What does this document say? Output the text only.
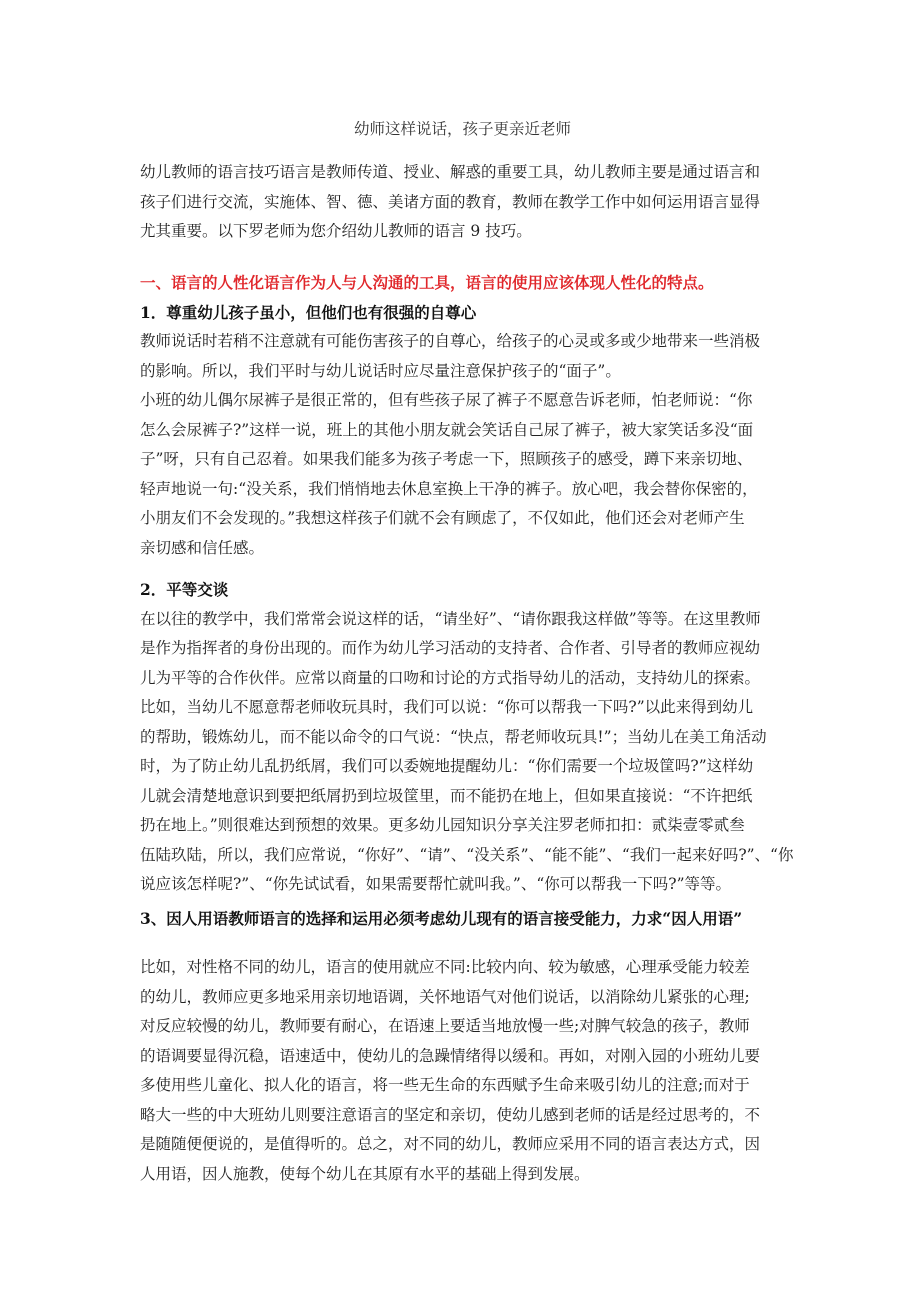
幼师这样说话，孩子更亲近老师
幼儿教师的语言技巧语言是教师传道、授业、解惑的重要工具，幼儿教师主要是通过语言和
孩子们进行交流，实施体、智、德、美诸方面的教育，教师在教学工作中如何运用语言显得
尤其重要。以下罗老师为您介绍幼儿教师的语言 9 技巧。
一、语言的人性化语言作为人与人沟通的工具，语言的使用应该体现人性化的特点。
1．尊重幼儿孩子虽小，但他们也有很强的自尊心
教师说话时若稍不注意就有可能伤害孩子的自尊心，给孩子的心灵或多或少地带来一些消极
的影响。所以，我们平时与幼儿说话时应尽量注意保护孩子的“面子”。
小班的幼儿偶尔尿裤子是很正常的，但有些孩子尿了裤子不愿意告诉老师，怕老师说：“你
怎么会尿裤子?”这样一说，班上的其他小朋友就会笑话自己尿了裤子，被大家笑话多没“面
子”呀，只有自己忍着。如果我们能多为孩子考虑一下，照顾孩子的感受，蹲下来亲切地、
轻声地说一句:“没关系，我们悄悄地去休息室换上干净的裤子。放心吧，我会替你保密的，
小朋友们不会发现的。”我想这样孩子们就不会有顾虑了，不仅如此，他们还会对老师产生
亲切感和信任感。
2．平等交谈
在以往的教学中，我们常常会说这样的话，“请坐好”、“请你跟我这样做”等等。在这里教师
是作为指挥者的身份出现的。而作为幼儿学习活动的支持者、合作者、引导者的教师应视幼
儿为平等的合作伙伴。应常以商量的口吻和讨论的方式指导幼儿的活动，支持幼儿的探索。
比如，当幼儿不愿意帮老师收玩具时，我们可以说：“你可以帮我一下吗?”以此来得到幼儿
的帮助，锻炼幼儿，而不能以命令的口气说：“快点，帮老师收玩具!”；当幼儿在美工角活动
时，为了防止幼儿乱扔纸屑，我们可以委婉地提醒幼儿：“你们需要一个垃圾筐吗?”这样幼
儿就会清楚地意识到要把纸屑扔到垃圾筐里，而不能扔在地上，但如果直接说：“不许把纸
扔在地上。”则很难达到预想的效果。更多幼儿园知识分享关注罗老师扣扣：贰柒壹零贰叁
伍陆玖陆，所以，我们应常说，“你好”、“请”、“没关系”、“能不能”、“我们一起来好吗?”、“你
说应该怎样呢?”、“你先试试看，如果需要帮忙就叫我。”、“你可以帮我一下吗?”等等。
3、因人用语教师语言的选择和运用必须考虑幼儿现有的语言接受能力，力求“因人用语”
比如，对性格不同的幼儿，语言的使用就应不同:比较内向、较为敏感，心理承受能力较差
的幼儿，教师应更多地采用亲切地语调，关怀地语气对他们说话，以消除幼儿紧张的心理;
对反应较慢的幼儿，教师要有耐心，在语速上要适当地放慢一些;对脾气较急的孩子，教师
的语调要显得沉稳，语速适中，使幼儿的急躁情绪得以缓和。再如，对刚入园的小班幼儿要
多使用些儿童化、拟人化的语言，将一些无生命的东西赋予生命来吸引幼儿的注意;而对于
略大一些的中大班幼儿则要注意语言的坚定和亲切，使幼儿感到老师的话是经过思考的，不
是随随便便说的，是值得听的。总之，对不同的幼儿，教师应采用不同的语言表达方式，因
人用语，因人施教，使每个幼儿在其原有水平的基础上得到发展。
